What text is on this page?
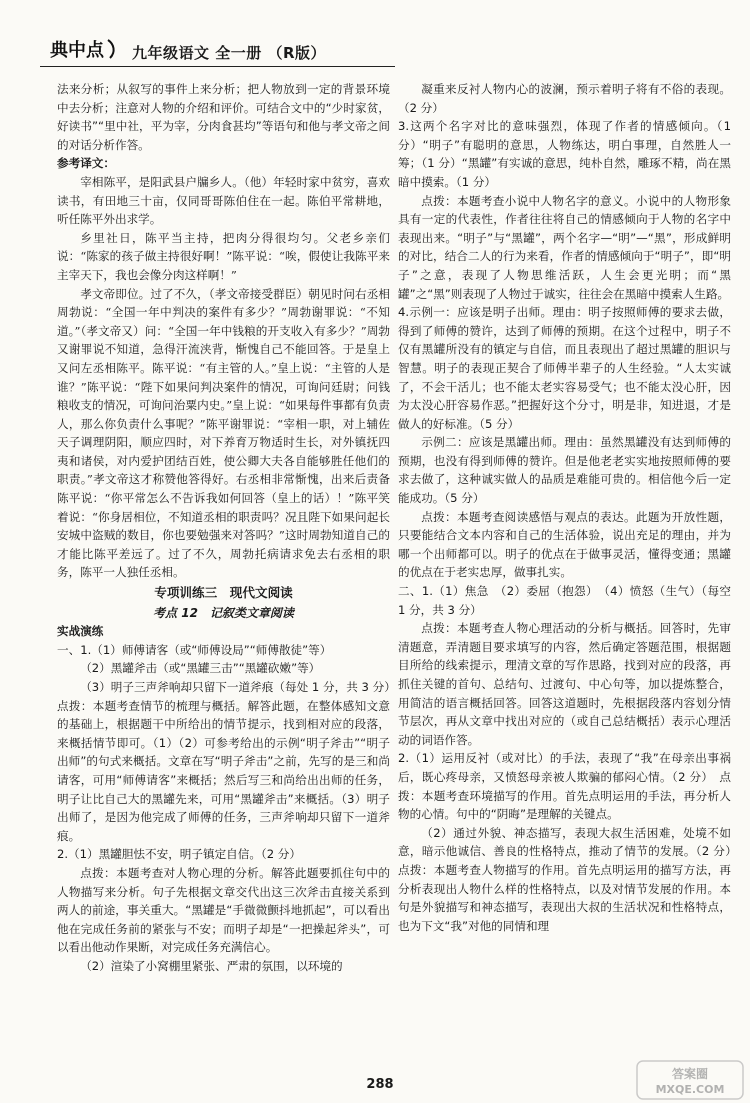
典中点 九年级语文 全一册 （R版）

法来分析；从叙写的事件上来分析；把人物放到一定的背景环境中去分析；注意对人物的介绍和评价。可结合文中的“少时家贫，好读书”“里中社，平为宰，分肉食甚均”等语句和他与孝文帝之间的对话分析作答。

参考译文：

宰相陈平，是阳武县户牖乡人。（他）年轻时家中贫穷，喜欢读书，有田地三十亩，仅同哥哥陈伯住在一起。陈伯平常耕地，听任陈平外出求学。

乡里社日，陈平当主持，把肉分得很均匀。父老乡亲们说：“陈家的孩子做主持很好啊！”陈平说：“唉，假使让我陈平来主宰天下，我也会像分肉这样啊！”

孝文帝即位。过了不久，（孝文帝接受群臣）朝见时问右丞相周勃说：“全国一年中判决的案件有多少？”周勃谢罪说：“不知道。”（孝文帝又）问：“全国一年中钱粮的开支收入有多少？”周勃又谢罪说不知道，急得汗流浃背，惭愧自己不能回答。于是皇上又问左丞相陈平。陈平说：“有主管的人。”皇上说：“主管的人是谁？”陈平说：“陛下如果问判决案件的情况，可询问廷尉；问钱粮收支的情况，可询问治粟内史。”皇上说：“如果每件事都有负责人，那么你负责什么事呢？”陈平谢罪说：“宰相一职，对上辅佐天子调理阴阳，顺应四时，对下养育万物适时生长，对外镇抚四夷和诸侯，对内爱护团结百姓，使公卿大夫各自能够胜任他们的职责。”孝文帝这才称赞他答得好。右丞相非常惭愧，出来后责备陈平说：“你平常怎么不告诉我如何回答（皇上的话）！”陈平笑着说：“你身居相位，不知道丞相的职责吗？况且陛下如果问起长安城中盗贼的数目，你也要勉强来对答吗？”这时周勃知道自己的才能比陈平差远了。过了不久，周勃托病请求免去右丞相的职务，陈平一人独任丞相。

专项训练三　现代文阅读

考点 12　记叙类文章阅读

实战演练

一、1.（1）师傅请客（或“师傅设局”“师傅散徒”等）

（2）黑罐斧击（或“黑罐三击”“黑罐砍嫩”等）

（3）明子三声斧响却只留下一道斧痕（每处 1 分，共 3 分）　点拨：本题考查情节的梳理与概括。解答此题，在整体感知文意的基础上，根据题干中所给出的情节提示，找到相对应的段落，来概括情节即可。（1）（2）可参考给出的示例“明子斧击”“明子出师”的句式来概括。文章在写“明子斧击”之前，先写的是三和尚请客，可用“师傅请客”来概括；然后写三和尚给出出师的任务，明子让比自己大的黑罐先来，可用“黑罐斧击”来概括。（3）明子出师了，是因为他完成了师傅的任务，三声斧响却只留下一道斧痕。

2.（1）黑罐胆怯不安，明子镇定自信。（2 分）

点拨：本题考查对人物心理的分析。解答此题要抓住句中的人物描写来分析。句子先根据文章交代出这三次斧击直接关系到两人的前途，事关重大。“黑罐是“手微微颤抖地抓起”，可以看出他在完成任务前的紧张与不安；而明子却是“一把操起斧头”，可以看出他动作果断，对完成任务充满信心。

（2）渲染了小窝棚里紧张、严肃的氛围，以环境的

凝重来反衬人物内心的波澜，预示着明子将有不俗的表现。（2 分）

3.这两个名字对比的意味强烈，体现了作者的情感倾向。（1 分）“明子”有聪明的意思，人物练达，明白事理，自然胜人一筹；（1 分）“黑罐”有实诚的意思，纯朴自然，雕琢不精，尚在黑暗中摸索。（1 分）

点拨：本题考查小说中人物名字的意义。小说中的人物形象具有一定的代表性，作者往往将自己的情感倾向于人物的名字中表现出来。“明子”与“黑罐”，两个名字—“明”—“黑”，形成鲜明的对比，结合二人的行为来看，作者的情感倾向于“明子”，即“明子”之意，表现了人物思维活跃，人生会更光明；而“黑罐”之“黑”则表现了人物过于诚实，往往会在黑暗中摸索人生路。

4.示例一：应该是明子出师。理由：明子按照师傅的要求去做，得到了师傅的赞许，达到了师傅的预期。在这个过程中，明子不仅有黑罐所没有的镇定与自信，而且表现出了超过黑罐的胆识与智慧。明子的表现正契合了师傅半辈子的人生经验。“人太实诚了，不会干活儿；也不能太老实容易受气；也不能太没心肝，因为太没心肝容易作恶。”把握好这个分寸，明是非，知进退，才是做人的好标准。（5 分）

示例二：应该是黑罐出师。理由：虽然黑罐没有达到师傅的预期，也没有得到师傅的赞许。但是他老老实实地按照师傅的要求去做了，这种诚实做人的品质是难能可贵的。相信他今后一定能成功。（5 分）

点拨：本题考查阅读感悟与观点的表达。此题为开放性题，只要能结合文本内容和自己的生活体验，说出充足的理由，并为哪一个出师都可以。明子的优点在于做事灵活，懂得变通；黑罐的优点在于老实忠厚，做事扎实。

二、1.（1）焦急　（2）委屈（抱怨）　（4）愤怒（生气）（每空 1 分，共 3 分）

点拨：本题考查人物心理活动的分析与概括。回答时，先审清题意，弄清题目要求填写的内容，然后确定答题范围，根据题目所给的线索提示，理清文章的写作思路，找到对应的段落，再抓住关键的首句、总结句、过渡句、中心句等，加以提炼整合，用简洁的语言概括回答。回答这道题时，先根据段落内容划分情节层次，再从文章中找出对应的（或自己总结概括）表示心理活动的词语作答。

2.（1）运用反衬（或对比）的手法，表现了“我”在母亲出事祸后，既心疼母亲，又愤怒母亲被人欺骗的郁闷心情。（2 分）　点拨：本题考查环境描写的作用。首先点明运用的手法，再分析人物的心情。句中的“阴晦”是理解的关键点。

（2）通过外貌、神态描写，表现大叔生活困难，处境不如意，暗示他诚信、善良的性格特点，推动了情节的发展。（2 分）　点拨：本题考查人物描写的作用。首先点明运用的描写方法，再分析表现出人物什么样的性格特点，以及对情节发展的作用。本句是外貌描写和神态描写，表现出大叔的生活状况和性格特点，也为下文“我”对他的同情和理

288
答案圈
MXQE.COM
